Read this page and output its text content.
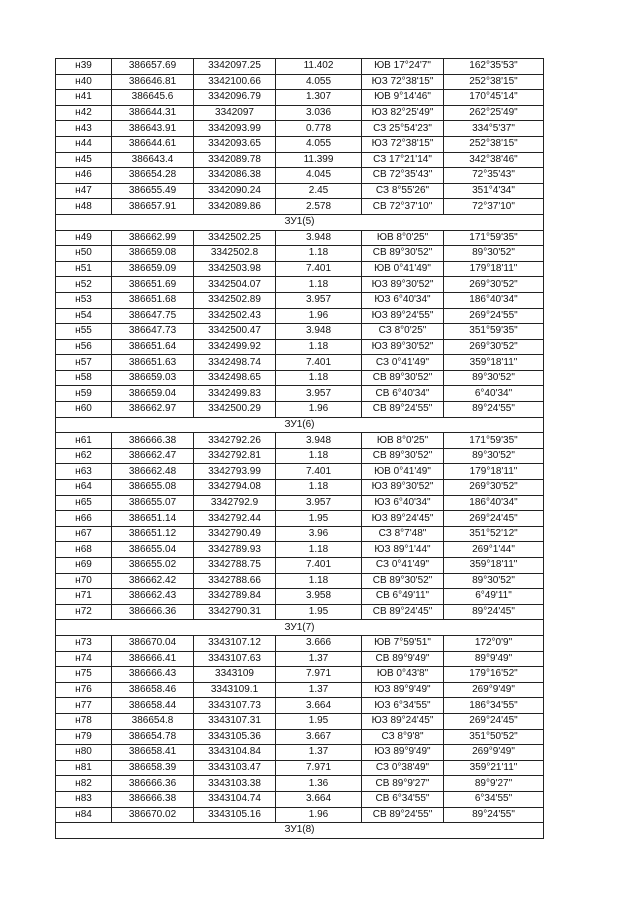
н39	386657.69	3342097.25	11.402	ЮВ 17°24'7"	162°35'53"
н40	386646.81	3342100.66	4.055	ЮЗ 72°38'15"	252°38'15"
н41	386645.6	3342096.79	1.307	ЮВ 9°14'46"	170°45'14"
н42	386644.31	3342097	3.036	ЮЗ 82°25'49"	262°25'49"
н43	386643.91	3342093.99	0.778	СЗ 25°54'23"	334°5'37"
н44	386644.61	3342093.65	4.055	ЮЗ 72°38'15"	252°38'15"
н45	386643.4	3342089.78	11.399	СЗ 17°21'14"	342°38'46"
н46	386654.28	3342086.38	4.045	СВ 72°35'43"	72°35'43"
н47	386655.49	3342090.24	2.45	СЗ 8°55'26"	351°4'34"
н48	386657.91	3342089.86	2.578	СВ 72°37'10"	72°37'10"
ЗУ1(5)					
н49	386662.99	3342502.25	3.948	ЮВ 8°0'25"	171°59'35"
н50	386659.08	3342502.8	1.18	СВ 89°30'52"	89°30'52"
н51	386659.09	3342503.98	7.401	ЮВ 0°41'49"	179°18'11"
н52	386651.69	3342504.07	1.18	ЮЗ 89°30'52"	269°30'52"
н53	386651.68	3342502.89	3.957	ЮЗ 6°40'34"	186°40'34"
н54	386647.75	3342502.43	1.96	ЮЗ 89°24'55"	269°24'55"
н55	386647.73	3342500.47	3.948	СЗ 8°0'25"	351°59'35"
н56	386651.64	3342499.92	1.18	ЮЗ 89°30'52"	269°30'52"
н57	386651.63	3342498.74	7.401	СЗ 0°41'49"	359°18'11"
н58	386659.03	3342498.65	1.18	СВ 89°30'52"	89°30'52"
н59	386659.04	3342499.83	3.957	СВ 6°40'34"	6°40'34"
н60	386662.97	3342500.29	1.96	СВ 89°24'55"	89°24'55"
ЗУ1(6)					
н61	386666.38	3342792.26	3.948	ЮВ 8°0'25"	171°59'35"
н62	386662.47	3342792.81	1.18	СВ 89°30'52"	89°30'52"
н63	386662.48	3342793.99	7.401	ЮВ 0°41'49"	179°18'11"
н64	386655.08	3342794.08	1.18	ЮЗ 89°30'52"	269°30'52"
н65	386655.07	3342792.9	3.957	ЮЗ 6°40'34"	186°40'34"
н66	386651.14	3342792.44	1.95	ЮЗ 89°24'45"	269°24'45"
н67	386651.12	3342790.49	3.96	СЗ 8°7'48"	351°52'12"
н68	386655.04	3342789.93	1.18	ЮЗ 89°1'44"	269°1'44"
н69	386655.02	3342788.75	7.401	СЗ 0°41'49"	359°18'11"
н70	386662.42	3342788.66	1.18	СВ 89°30'52"	89°30'52"
н71	386662.43	3342789.84	3.958	СВ 6°49'11"	6°49'11"
н72	386666.36	3342790.31	1.95	СВ 89°24'45"	89°24'45"
ЗУ1(7)					
н73	386670.04	3343107.12	3.666	ЮВ 7°59'51"	172°0'9"
н74	386666.41	3343107.63	1.37	СВ 89°9'49"	89°9'49"
н75	386666.43	3343109	7.971	ЮВ 0°43'8"	179°16'52"
н76	386658.46	3343109.1	1.37	ЮЗ 89°9'49"	269°9'49"
н77	386658.44	3343107.73	3.664	ЮЗ 6°34'55"	186°34'55"
н78	386654.8	3343107.31	1.95	ЮЗ 89°24'45"	269°24'45"
н79	386654.78	3343105.36	3.667	СЗ 8°9'8"	351°50'52"
н80	386658.41	3343104.84	1.37	ЮЗ 89°9'49"	269°9'49"
н81	386658.39	3343103.47	7.971	СЗ 0°38'49"	359°21'11"
н82	386666.36	3343103.38	1.36	СВ 89°9'27"	89°9'27"
н83	386666.38	3343104.74	3.664	СВ 6°34'55"	6°34'55"
н84	386670.02	3343105.16	1.96	СВ 89°24'55"	89°24'55"
ЗУ1(8)					
